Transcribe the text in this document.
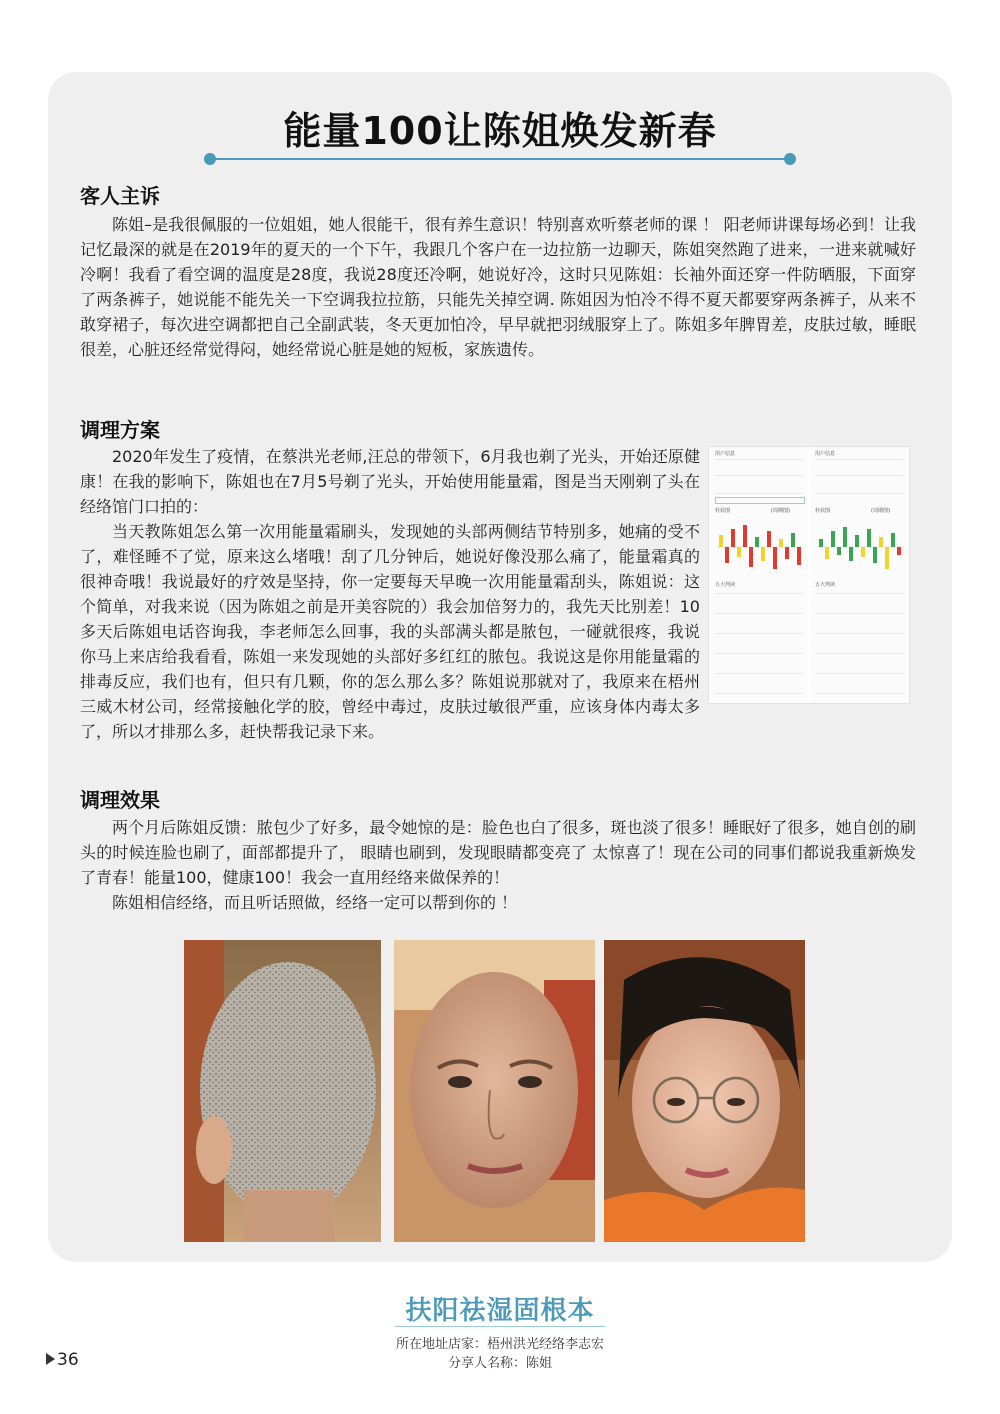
能量100让陈姐焕发新春
客人主诉

陈姐–是我很佩服的一位姐姐，她人很能干，很有养生意识！特别喜欢听蔡老师的课 ！ 阳老师讲课每场必到！让我记忆最深的就是在2019年的夏天的一个下午，我跟几个客户在一边拉筋一边聊天，陈姐突然跑了进来，一进来就喊好冷啊！我看了看空调的温度是28度，我说28度还冷啊，她说好冷，这时只见陈姐：长袖外面还穿一件防晒服，下面穿了两条裤子，她说能不能先关一下空调我拉拉筋，只能先关掉空调. 陈姐因为怕冷不得不夏天都要穿两条裤子，从来不敢穿裙子，每次进空调都把自己全副武装，冬天更加怕冷，早早就把羽绒服穿上了。陈姐多年脾胃差，皮肤过敏，睡眠很差，心脏还经常觉得闷，她经常说心脏是她的短板，家族遗传。

调理方案

2020年发生了疫情，在蔡洪光老师,汪总的带领下，6月我也剃了光头，开始还原健康！在我的影响下，陈姐也在7月5号剃了光头，开始使用能量霜，图是当天刚剃了头在经络馆门口拍的：

当天教陈姐怎么第一次用能量霜刷头，发现她的头部两侧结节特别多，她痛的受不了，难怪睡不了觉，原来这么堵哦！刮了几分钟后，她说好像没那么痛了，能量霜真的很神奇哦！我说最好的疗效是坚持，你一定要每天早晚一次用能量霜刮头，陈姐说：这个简单，对我来说（因为陈姐之前是开美容院的）我会加倍努力的，我先天比别差！10多天后陈姐电话咨询我，李老师怎么回事，我的头部满头都是脓包，一碰就很疼，我说你马上来店给我看看，陈姐一来发现她的头部好多红红的脓包。我说这是你用能量霜的排毒反应，我们也有，但只有几颗，你的怎么那么多？陈姐说那就对了，我原来在梧州三威木材公司，经常接触化学的胶，曾经中毒过，皮肤过敏很严重，应该身体内毒太多了，所以才排那么多，赶快帮我记录下来。

用户信息
柱状图	(周期图)
五大判读
用户信息
柱状图	(周期图)
五大判读
调理效果

两个月后陈姐反馈：脓包少了好多，最令她惊的是：脸色也白了很多，斑也淡了很多！睡眠好了很多，她自创的刷头的时候连脸也刷了，面部都提升了， 眼睛也刷到，发现眼睛都变亮了 太惊喜了！现在公司的同事们都说我重新焕发了青春！能量100，健康100！我会一直用经络来做保养的！

陈姐相信经络，而且听话照做，经络一定可以帮到你的 ！

扶阳祛湿固根本
所在地址店家：梧州洪光经络李志宏
分享人名称：陈姐
36
